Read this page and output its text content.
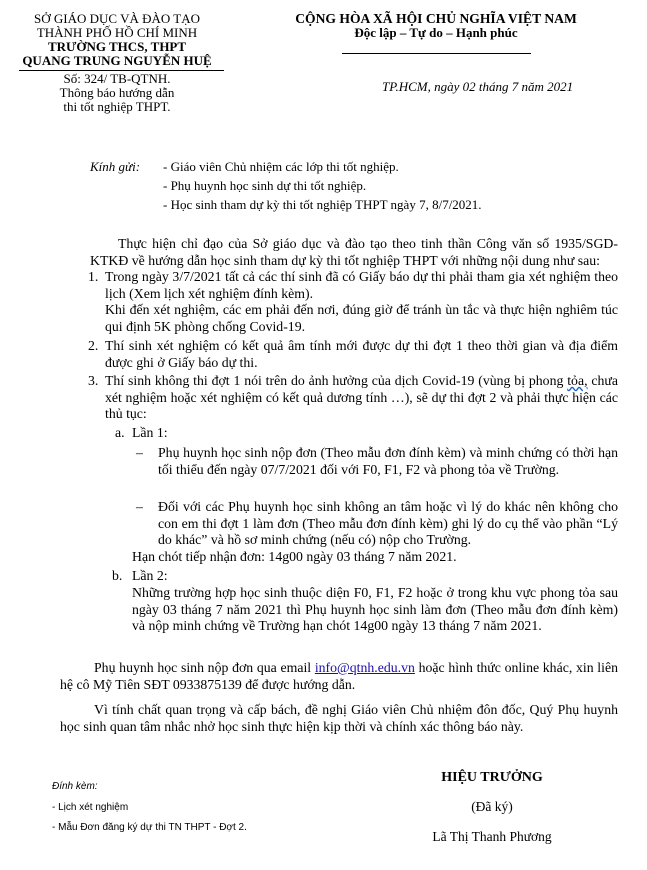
SỞ GIÁO DỤC VÀ ĐÀO TẠO
THÀNH PHỐ HỒ CHÍ MINH
TRƯỜNG THCS, THPT
QUANG TRUNG NGUYỄN HUỆ
Số: 324/ TB-QTNH.
Thông báo hướng dẫn
thi tốt nghiệp THPT.
CỘNG HÒA XÃ HỘI CHỦ NGHĨA VIỆT NAM
Độc lập – Tự do – Hạnh phúc
TP.HCM, ngày 02 tháng 7 năm 2021
Kính gửi: - Giáo viên Chủ nhiệm các lớp thi tốt nghiệp.
- Phụ huynh học sinh dự thi tốt nghiệp.
- Học sinh tham dự kỳ thi tốt nghiệp THPT ngày 7, 8/7/2021.
Thực hiện chỉ đạo của Sở giáo dục và đào tạo theo tinh thần Công văn số 1935/SGD-KTKĐ về hướng dẫn học sinh tham dự kỳ thi tốt nghiệp THPT với những nội dung như sau:
1. Trong ngày 3/7/2021 tất cả các thí sinh đã có Giấy báo dự thi phải tham gia xét nghiệm theo lịch (Xem lịch xét nghiệm đính kèm).
Khi đến xét nghiệm, các em phải đến nơi, đúng giờ để tránh ùn tắc và thực hiện nghiêm túc qui định 5K phòng chống Covid-19.
2. Thí sinh xét nghiệm có kết quả âm tính mới được dự thi đợt 1 theo thời gian và địa điểm được ghi ở Giấy báo dự thi.
3. Thí sinh không thi đợt 1 nói trên do ảnh hưởng của dịch Covid-19 (vùng bị phong tỏa, chưa xét nghiệm hoặc xét nghiệm có kết quả dương tính …), sẽ dự thi đợt 2 và phải thực hiện các thủ tục:
a. Lần 1:
– Phụ huynh học sinh nộp đơn (Theo mẫu đơn đính kèm) và minh chứng có thời hạn tối thiểu đến ngày 07/7/2021 đối với F0, F1, F2 và phong tỏa về Trường.
– Đối với các Phụ huynh học sinh không an tâm hoặc vì lý do khác nên không cho con em thi đợt 1 làm đơn (Theo mẫu đơn đính kèm) ghi lý do cụ thể vào phần “Lý do khác” và hồ sơ minh chứng (nếu có) nộp cho Trường.
Hạn chót tiếp nhận đơn: 14g00 ngày 03 tháng 7 năm 2021.
b. Lần 2:
Những trường hợp học sinh thuộc diện F0, F1, F2 hoặc ở trong khu vực phong tỏa sau ngày 03 tháng 7 năm 2021 thì Phụ huynh học sinh làm đơn (Theo mẫu đơn đính kèm) và nộp minh chứng về Trường hạn chót 14g00 ngày 13 tháng 7 năm 2021.
Phụ huynh học sinh nộp đơn qua email info@qtnh.edu.vn hoặc hình thức online khác, xin liên hệ cô Mỹ Tiên SĐT 0933875139 để được hướng dẫn.
Vì tính chất quan trọng và cấp bách, đề nghị Giáo viên Chủ nhiệm đôn đốc, Quý Phụ huynh học sinh quan tâm nhắc nhở học sinh thực hiện kịp thời và chính xác thông báo này.
Đính kèm:
- Lịch xét nghiệm
- Mẫu Đơn đăng ký dự thi TN THPT - Đợt 2.
HIỆU TRƯỞNG
(Đã ký)
Lã Thị Thanh Phương
